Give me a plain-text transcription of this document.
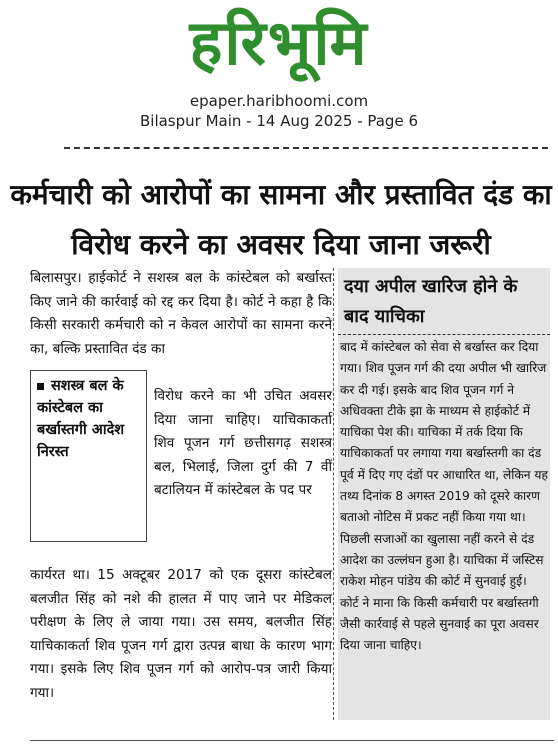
हरिभूमि
epaper.haribhoomi.com
Bilaspur Main - 14 Aug 2025 - Page 6
कर्मचारी को आरोपों का सामना और प्रस्तावित दंड का विरोध करने का अवसर दिया जाना जरूरी

बिलासपुर। हाईकोर्ट ने सशस्त्र बल के कांस्टेबल को बर्खास्त किए जाने की कार्रवाई को रद्द कर दिया है। कोर्ट ने कहा है कि किसी सरकारी कर्मचारी को न केवल आरोपों का सामना करने का, बल्कि प्रस्तावित दंड का

सशस्त्र बल के कांस्टेबल का बर्खास्तगी आदेश निरस्त

विरोध करने का भी उचित अवसर दिया जाना चाहिए। याचिकाकर्ता शिव पूजन गर्ग छत्तीसगढ़ सशस्त्र बल, भिलाई, जिला दुर्ग की 7 वीं बटालियन में कांस्टेबल के पद पर

कार्यरत था। 15 अक्टूबर 2017 को एक दूसरा कांस्टेबल बलजीत सिंह को नशे की हालत में पाए जाने पर मेडिकल परीक्षण के लिए ले जाया गया। उस समय, बलजीत सिंह याचिकाकर्ता शिव पूजन गर्ग द्वारा उत्पन्न बाधा के कारण भाग गया। इसके लिए शिव पूजन गर्ग को आरोप-पत्र जारी किया गया।

दया अपील खारिज होने के बाद याचिका
बाद में कांस्टेबल को सेवा से बर्खास्त कर दिया गया। शिव पूजन गर्ग की दया अपील भी खारिज कर दी गई। इसके बाद शिव पूजन गर्ग ने अधिवक्ता टीके झा के माध्यम से हाईकोर्ट में याचिका पेश की। याचिका में तर्क दिया कि याचिकाकर्ता पर लगाया गया बर्खास्तगी का दंड पूर्व में दिए गए दंडों पर आधारित था, लेकिन यह तथ्य दिनांक 8 अगस्त 2019 को दूसरे कारण बताओ नोटिस में प्रकट नहीं किया गया था। पिछली सजाओं का खुलासा नहीं करने से दंड आदेश का उल्लंघन हुआ है। याचिका में जस्टिस राकेश मोहन पांडेय की कोर्ट में सुनवाई हुई। कोर्ट ने माना कि किसी कर्मचारी पर बर्खास्तगी जैसी कार्रवाई से पहले सुनवाई का पूरा अवसर दिया जाना चाहिए।
